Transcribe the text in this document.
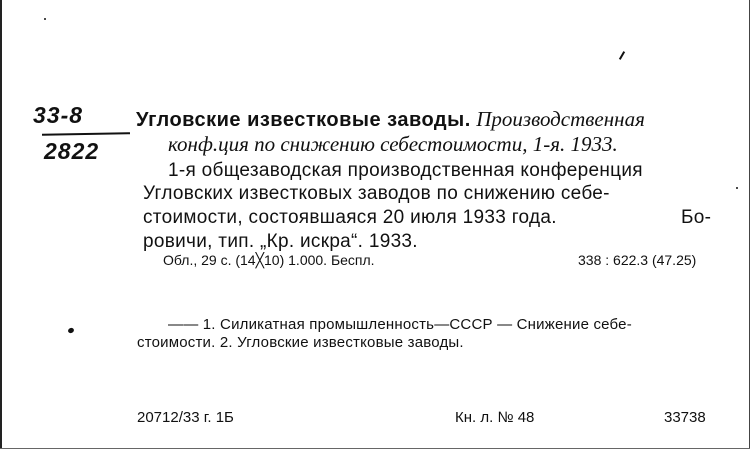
33-8
2822
Угловские известковые заводы. Производственная
конф.ция по снижению себестоимости, 1-я. 1933.
1-я общезаводская производственная конференция
Угловских известковых заводов по снижению себе-
стоимости, состоявшаяся 20 июля 1933 года.	Бо-
ровичи, тип. „Кр. искра“. 1933.
Обл., 29 с. (14╳10) 1.000. Беспл.	338 : 622.3 (47.25)
—— 1. Силикатная промышленность—СССР — Снижение себе-
стоимости. 2. Угловские известковые заводы.
20712/33 г. 1Б	Кн. л. № 48	33738
